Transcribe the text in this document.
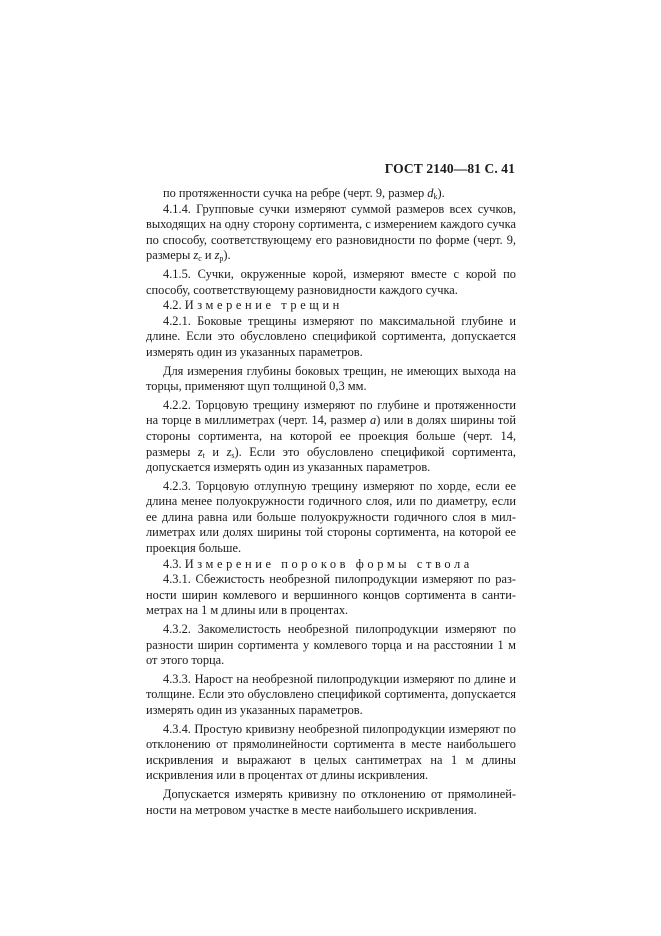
ГОСТ 2140—81 С. 41

по протяженности сучка на ребре (черт. 9, размер $d_k$).

4.1.4. Групповые сучки измеряют суммой размеров всех сучков, выходящих на одну сторону сортимента, с измерением каждого сучка по способу, соответствующему его разновидности по форме (черт. 9, размеры $z_c$ и $z_p$).

4.1.5. Сучки, окруженные корой, измеряют вместе с корой по способу, соответствующему разновидности каждого сучка.

4.2. Измерение трещин

4.2.1. Боковые трещины измеряют по максимальной глубине и длине. Если это обусловлено спецификой сортимента, допускается измерять один из указанных параметров.

Для измерения глубины боковых трещин, не имеющих выхода на торцы, применяют щуп толщиной 0,3 мм.

4.2.2. Торцовую трещину измеряют по глубине и протяженности на торце в миллиметрах (черт. 14, размер а) или в долях ширины той стороны сортимента, на которой ее проекция больше (черт. 14, размеры $z_t$ и $z_s$). Если это обусловлено спецификой сортимента, допускается измерять один из указанных параметров.

4.2.3. Торцовую отлупную трещину измеряют по хорде, если ее длина менее полуокружности годичного слоя, или по диаметру, если ее длина равна или больше полуокружности годичного слоя в миллиметрах или долях ширины той стороны сортимента, на которой ее проекция больше.

4.3. Измерение пороков формы ствола

4.3.1. Сбежистость необрезной пилопродукции измеряют по разности ширин комлевого и вершинного концов сортимента в сантиметрах на 1 м длины или в процентах.

4.3.2. Закомелистость необрезной пилопродукции измеряют по разности ширин сортимента у комлевого торца и на расстоянии 1 м от этого торца.

4.3.3. Нарост на необрезной пилопродукции измеряют по длине и толщине. Если это обусловлено спецификой сортимента, допускается измерять один из указанных параметров.

4.3.4. Простую кривизну необрезной пилопродукции измеряют по отклонению от прямолинейности сортимента в месте наибольшего искривления и выражают в целых сантиметрах на 1 м длины искривления или в процентах от длины искривления.

Допускается измерять кривизну по отклонению от прямолинейности на метровом участке в месте наибольшего искривления.
